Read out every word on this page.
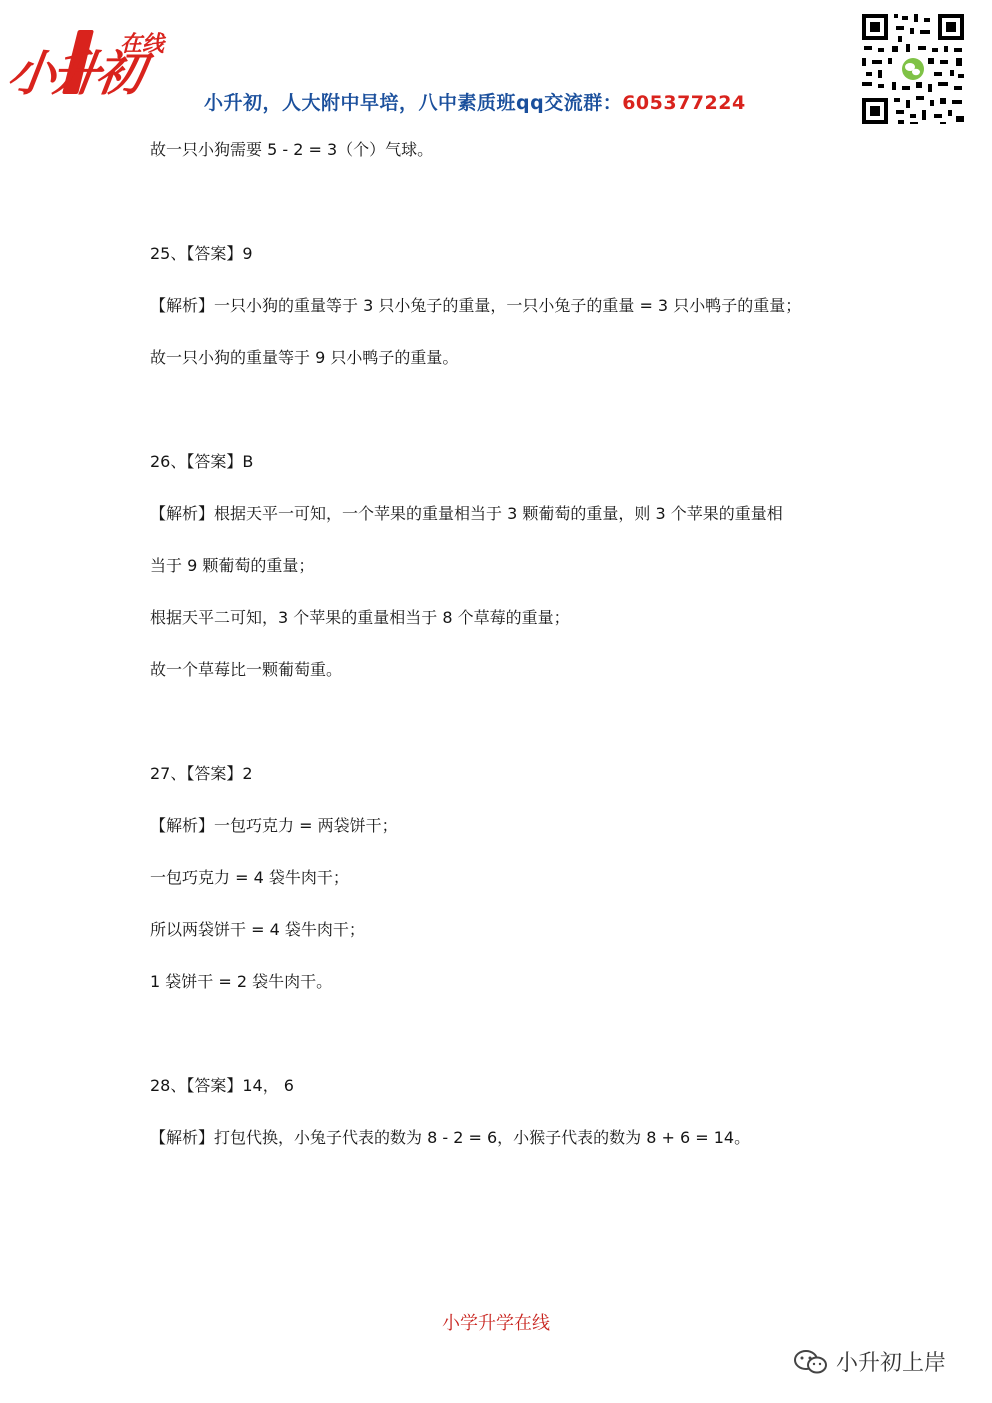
小升初
在线
小升初，人大附中早培，八中素质班qq交流群：605377224
故一只小狗需要 5 - 2 = 3（个）气球。
25、【答案】9
【解析】一只小狗的重量等于 3 只小兔子的重量，一只小兔子的重量 = 3 只小鸭子的重量；
故一只小狗的重量等于 9 只小鸭子的重量。
26、【答案】B
【解析】根据天平一可知，一个苹果的重量相当于 3 颗葡萄的重量，则 3 个苹果的重量相
当于 9 颗葡萄的重量；
根据天平二可知，3 个苹果的重量相当于 8 个草莓的重量；
故一个草莓比一颗葡萄重。
27、【答案】2
【解析】一包巧克力 = 两袋饼干；
一包巧克力 = 4 袋牛肉干；
所以两袋饼干 = 4 袋牛肉干；
1 袋饼干 = 2 袋牛肉干。
28、【答案】14， 6
【解析】打包代换，小兔子代表的数为 8 - 2 = 6，小猴子代表的数为 8 + 6 = 14。
小学升学在线
小升初上岸
